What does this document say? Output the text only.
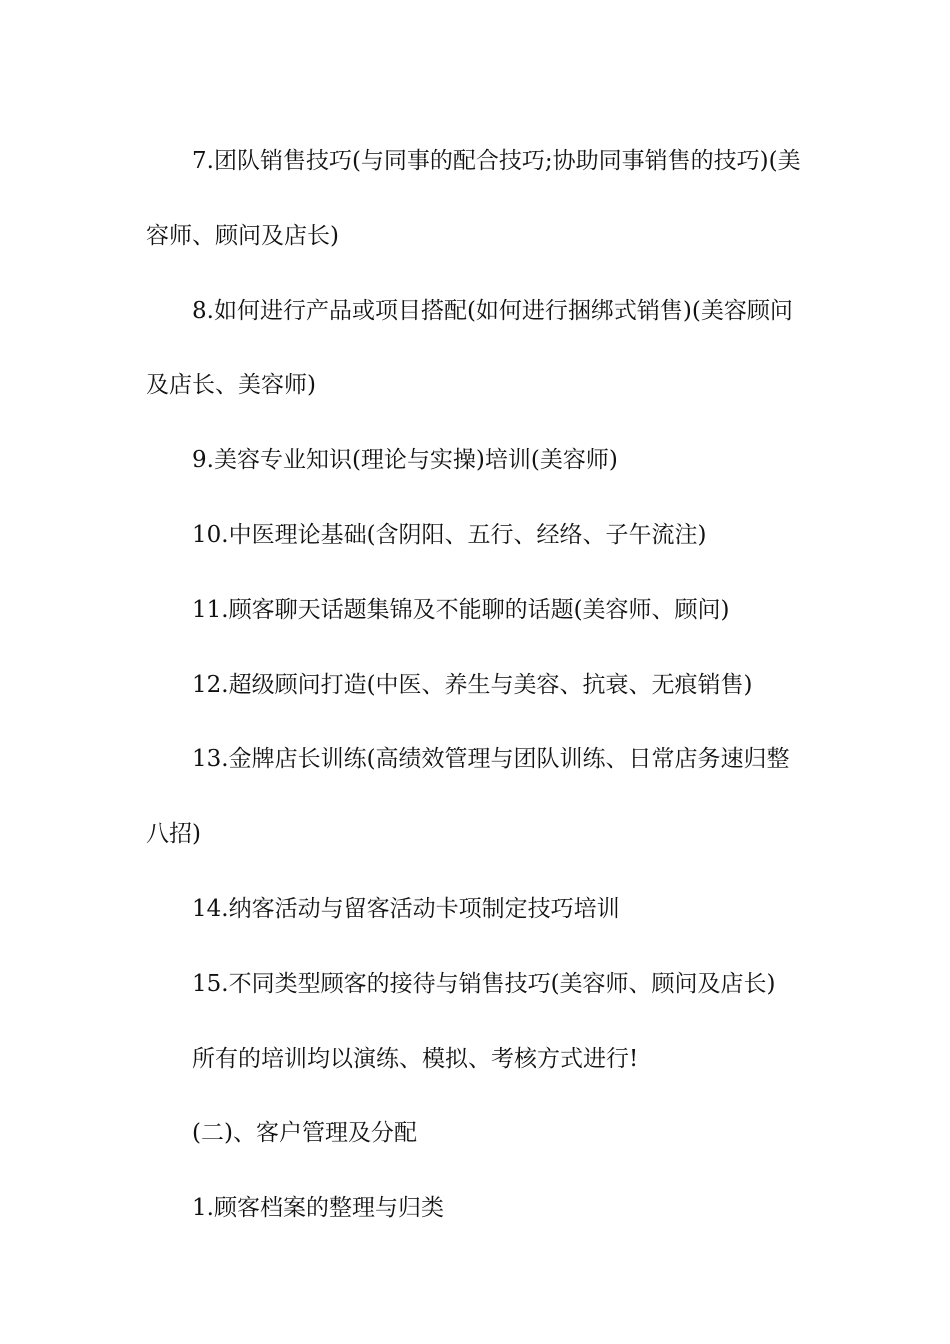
7.团队销售技巧(与同事的配合技巧;协助同事销售的技巧)(美容师、顾问及店长)

8.如何进行产品或项目搭配(如何进行捆绑式销售)(美容顾问及店长、美容师)

9.美容专业知识(理论与实操)培训(美容师)

10.中医理论基础(含阴阳、五行、经络、子午流注)

11.顾客聊天话题集锦及不能聊的话题(美容师、顾问)

12.超级顾问打造(中医、养生与美容、抗衰、无痕销售)

13.金牌店长训练(高绩效管理与团队训练、日常店务速归整八招)

14.纳客活动与留客活动卡项制定技巧培训

15.不同类型顾客的接待与销售技巧(美容师、顾问及店长)

所有的培训均以演练、模拟、考核方式进行!

(二)、客户管理及分配

1.顾客档案的整理与归类
